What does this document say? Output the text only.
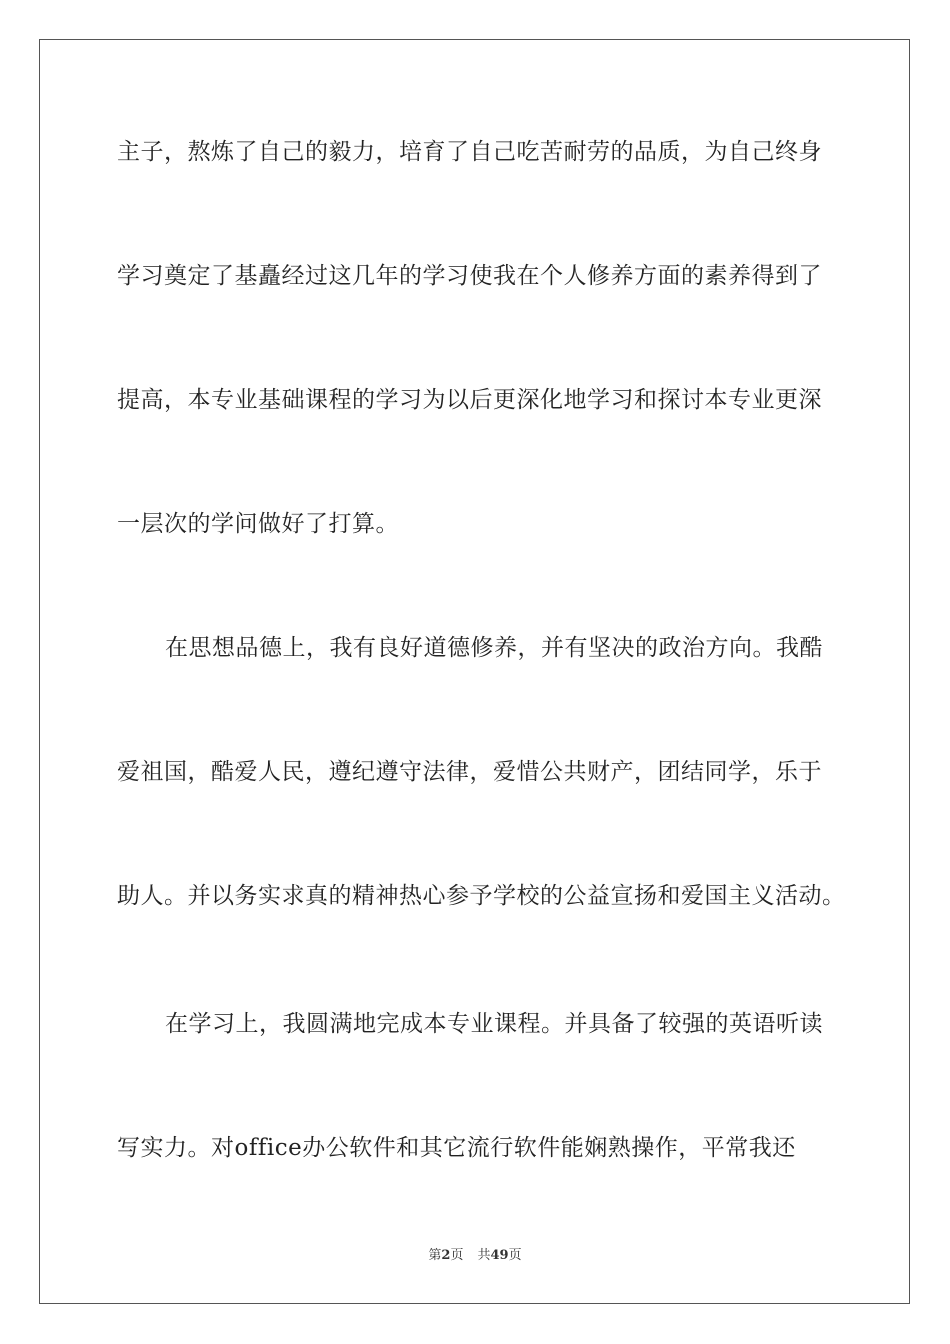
主子，熬炼了自己的毅力，培育了自己吃苦耐劳的品质，为自己终身
学习奠定了基矗经过这几年的学习使我在个人修养方面的素养得到了
提高，本专业基础课程的学习为以后更深化地学习和探讨本专业更深
一层次的学问做好了打算。
在思想品德上，我有良好道德修养，并有坚决的政治方向。我酷
爱祖国，酷爱人民，遵纪遵守法律，爱惜公共财产，团结同学，乐于
助人。并以务实求真的精神热心参予学校的公益宣扬和爱国主义活动。
在学习上，我圆满地完成本专业课程。并具备了较强的英语听读
写实力。对office办公软件和其它流行软件能娴熟操作，平常我还
第2页 共49页
